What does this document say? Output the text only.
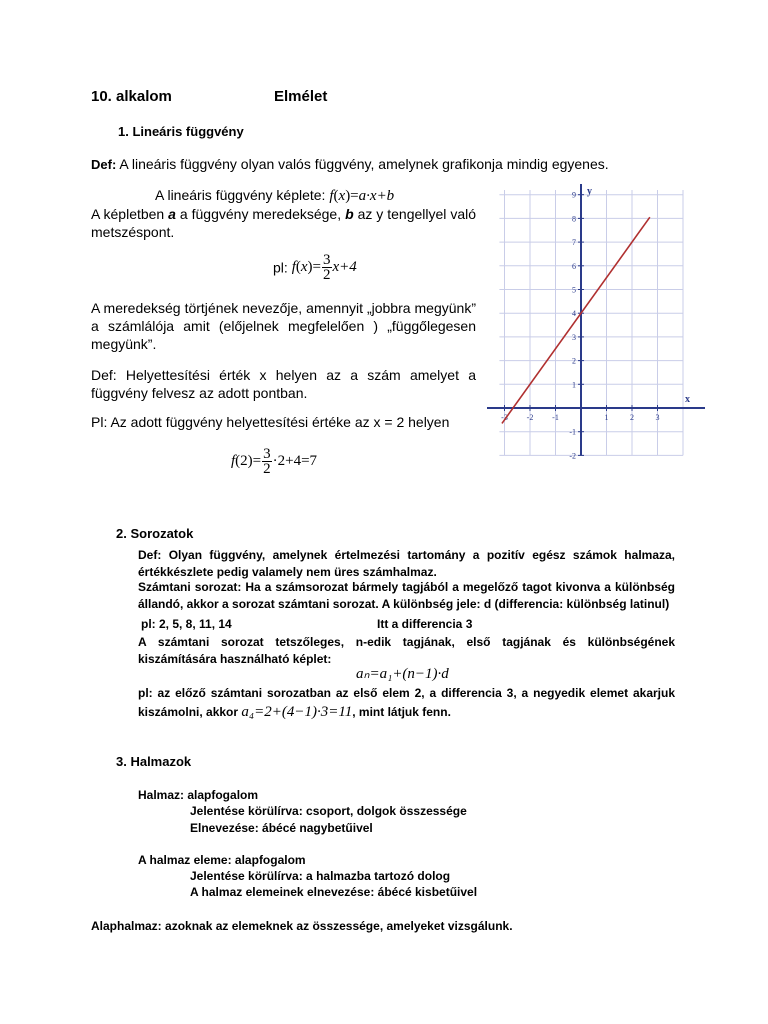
10. alkalom	Elmélet
1. Lineáris függvény
Def: A lineáris függvény olyan valós függvény, amelynek grafikonja mindig egyenes.
A lineáris függvény képlete: f(x)=a·x+b
A képletben a a függvény meredeksége, b az y tengellyel való metszéspont.
pl: $f(x)= \frac{3}{2} x+4$
A meredekség törtjének nevezője, amennyit „jobbra megyünk” a számlálója amit (előjelnek megfelelően ) „függőlegesen megyünk”.
Def: Helyettesítési érték x helyen az a szám amelyet a függvény felvesz az adott pontban.
Pl: Az adott függvény helyettesítési értéke az x = 2 helyen
$f(2)= \frac{3}{2} \cdot 2+4=7$
-3 -2 -1	1	2	3
9
8
7
6
5
4
3
2
1
-1
-2
x
y
2. Sorozatok
Def: Olyan függvény, amelynek értelmezési tartomány a pozitív egész számok halmaza, értékkészlete pedig valamely nem üres számhalmaz.
Számtani sorozat: Ha a számsorozat bármely tagjából a megelőző tagot kivonva a különbség állandó, akkor a sorozat számtani sorozat. A különbség jele: d (differencia: különbség latinul)
pl: 2, 5, 8, 11, 14	Itt a differencia 3
A számtani sorozat tetszőleges, n-edik tagjának, első tagjának és különbségének kiszámítására használható képlet:
aₙ=a₁+(n−1)·d
pl: az előző számtani sorozatban az első elem 2, a differencia 3, a negyedik elemet akarjuk kiszámolni, akkor a₄=2+(4−1)·3=11, mint látjuk fenn.
3. Halmazok
Halmaz: alapfogalom
Jelentése körülírva: csoport, dolgok összessége
Elnevezése: ábécé nagybetűivel
A halmaz eleme: alapfogalom
Jelentése körülírva: a halmazba tartozó dolog
A halmaz elemeinek elnevezése: ábécé kisbetűivel
Alaphalmaz: azoknak az elemeknek az összessége, amelyeket vizsgálunk.
